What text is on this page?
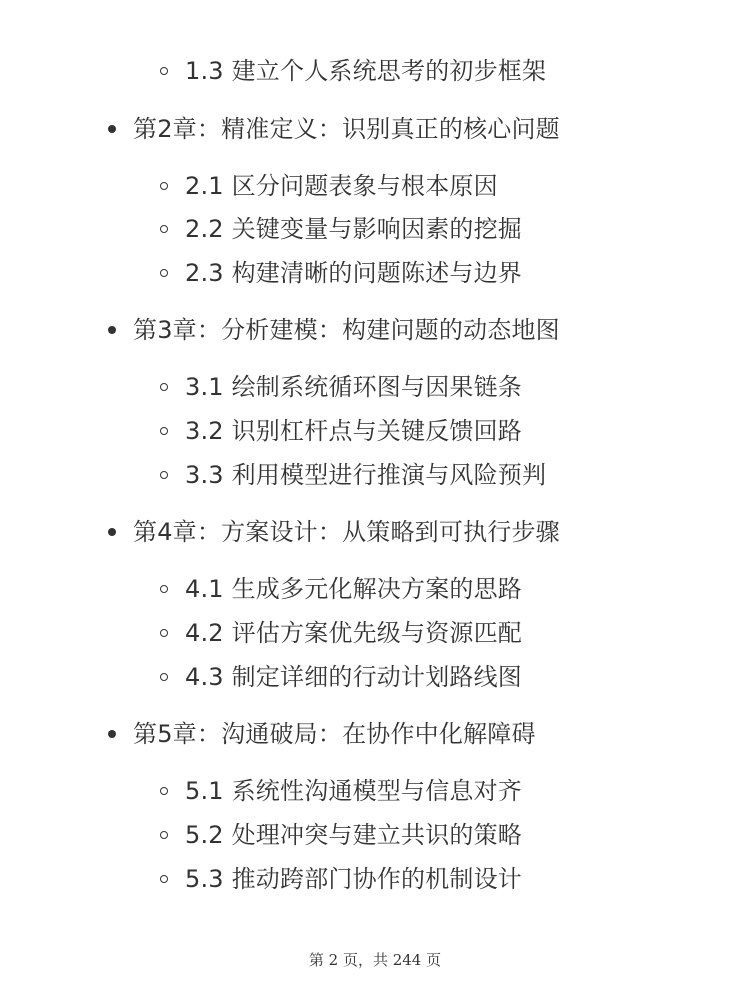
1.3 建立个人系统思考的初步框架
第2章：精准定义：识别真正的核心问题
2.1 区分问题表象与根本原因
2.2 关键变量与影响因素的挖掘
2.3 构建清晰的问题陈述与边界
第3章：分析建模：构建问题的动态地图
3.1 绘制系统循环图与因果链条
3.2 识别杠杆点与关键反馈回路
3.3 利用模型进行推演与风险预判
第4章：方案设计：从策略到可执行步骤
4.1 生成多元化解决方案的思路
4.2 评估方案优先级与资源匹配
4.3 制定详细的行动计划路线图
第5章：沟通破局：在协作中化解障碍
5.1 系统性沟通模型与信息对齐
5.2 处理冲突与建立共识的策略
5.3 推动跨部门协作的机制设计
第 2 页，共 244 页
